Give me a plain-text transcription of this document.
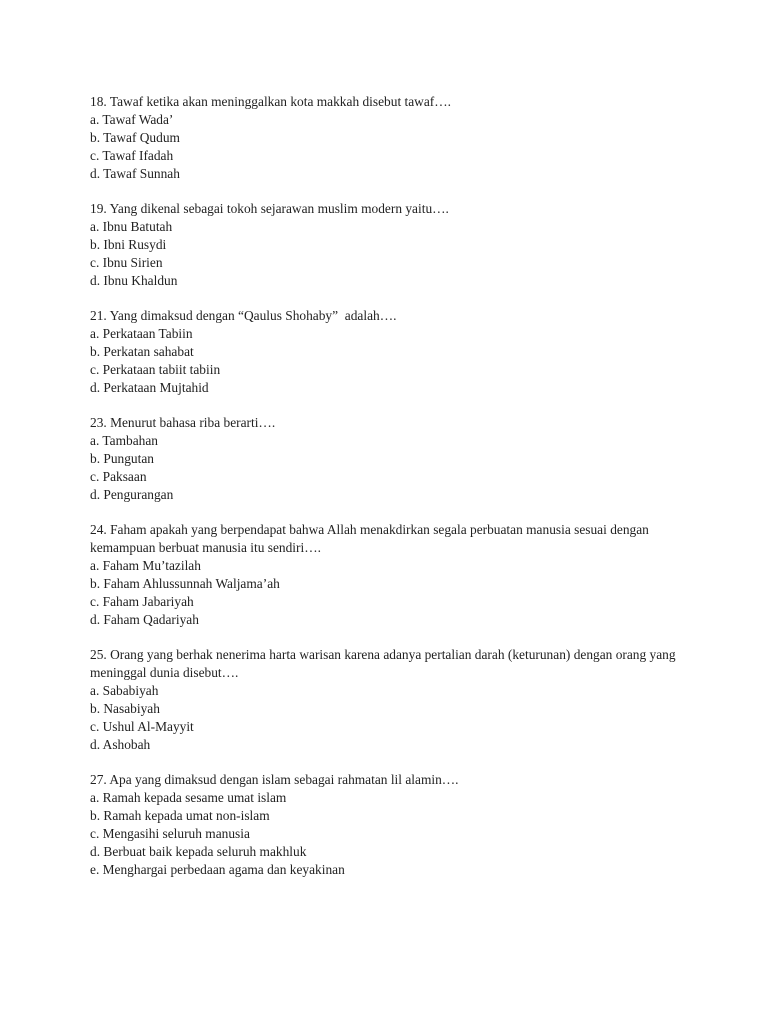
18. Tawaf ketika akan meninggalkan kota makkah disebut tawaf….

a. Tawaf Wada’
b. Tawaf Qudum
c. Tawaf Ifadah
d. Tawaf Sunnah

19. Yang dikenal sebagai tokoh sejarawan muslim modern yaitu….

a. Ibnu Batutah
b. Ibni Rusydi
c. Ibnu Sirien
d. Ibnu Khaldun

21. Yang dimaksud dengan “Qaulus Shohaby”  adalah….

a. Perkataan Tabiin
b. Perkatan sahabat
c. Perkataan tabiit tabiin
d. Perkataan Mujtahid

23. Menurut bahasa riba berarti….

a. Tambahan
b. Pungutan
c. Paksaan
d. Pengurangan

24. Faham apakah yang berpendapat bahwa Allah menakdirkan segala perbuatan manusia sesuai dengan kemampuan berbuat manusia itu sendiri….

a. Faham Mu’tazilah
b. Faham Ahlussunnah Waljama’ah
c. Faham Jabariyah
d. Faham Qadariyah

25. Orang yang berhak nenerima harta warisan karena adanya pertalian darah (keturunan) dengan orang yang  meninggal dunia disebut….

a. Sababiyah
b. Nasabiyah
c. Ushul Al-Mayyit
d. Ashobah

27. Apa yang dimaksud dengan islam sebagai rahmatan lil alamin….

a. Ramah kepada sesame umat islam
b. Ramah kepada umat non-islam
c. Mengasihi seluruh manusia
d. Berbuat baik kepada seluruh makhluk
e. Menghargai perbedaan agama dan keyakinan
